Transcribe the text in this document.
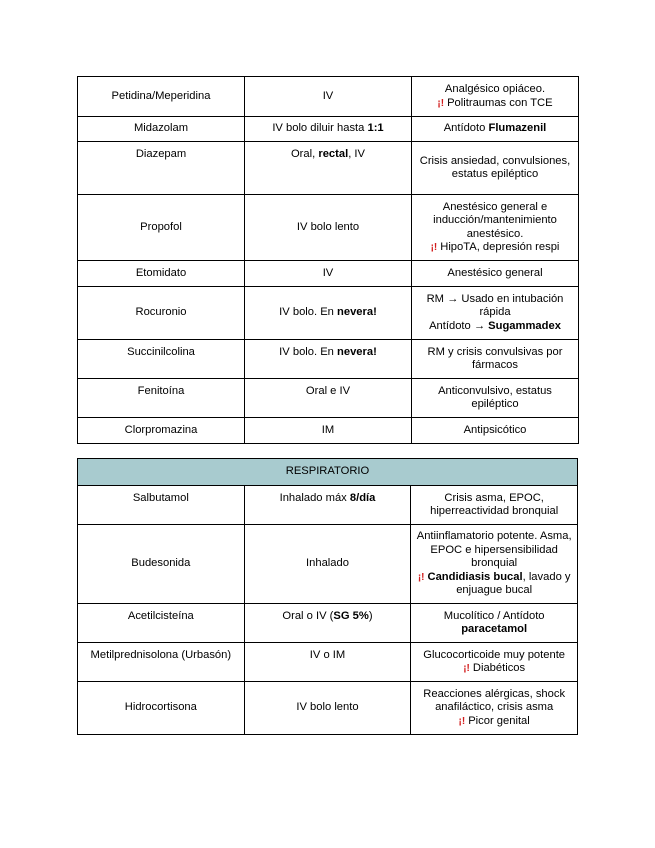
Petidina/Meperidina	IV	Analgésico opiáceo.
¡! Politraumas con TCE

Midazolam	IV bolo diluir hasta 1:1	Antídoto Flumazenil
Diazepam	Oral, rectal, IV	Crisis ansiedad, convulsiones, estatus epiléptico
Propofol	IV bolo lento	Anestésico general e inducción/mantenimiento anestésico.
¡! HipoTA, depresión respi

Etomidato	IV	Anestésico general
Rocuronio	IV bolo. En nevera!	RM → Usado en intubación rápida
Antídoto → Sugammadex

Succinilcolina	IV bolo. En nevera!	RM y crisis convulsivas por fármacos
Fenitoína	Oral e IV	Anticonvulsivo, estatus epiléptico
Clorpromazina	IM	Antipsicótico
RESPIRATORIO		
Salbutamol	Inhalado máx 8/día	Crisis asma, EPOC, hiperreactividad bronquial
Budesonida	Inhalado	Antiinflamatorio potente. Asma, EPOC e hipersensibilidad bronquial
¡! Candidiasis bucal, lavado y enjuague bucal

Acetilcisteína	Oral o IV (SG 5%)	Mucolítico / Antídoto
paracetamol

Metilprednisolona (Urbasón)	IV o IM	Glucocorticoide muy potente
¡! Diabéticos

Hidrocortisona	IV bolo lento	Reacciones alérgicas, shock anafiláctico, crisis asma
¡! Picor genital
